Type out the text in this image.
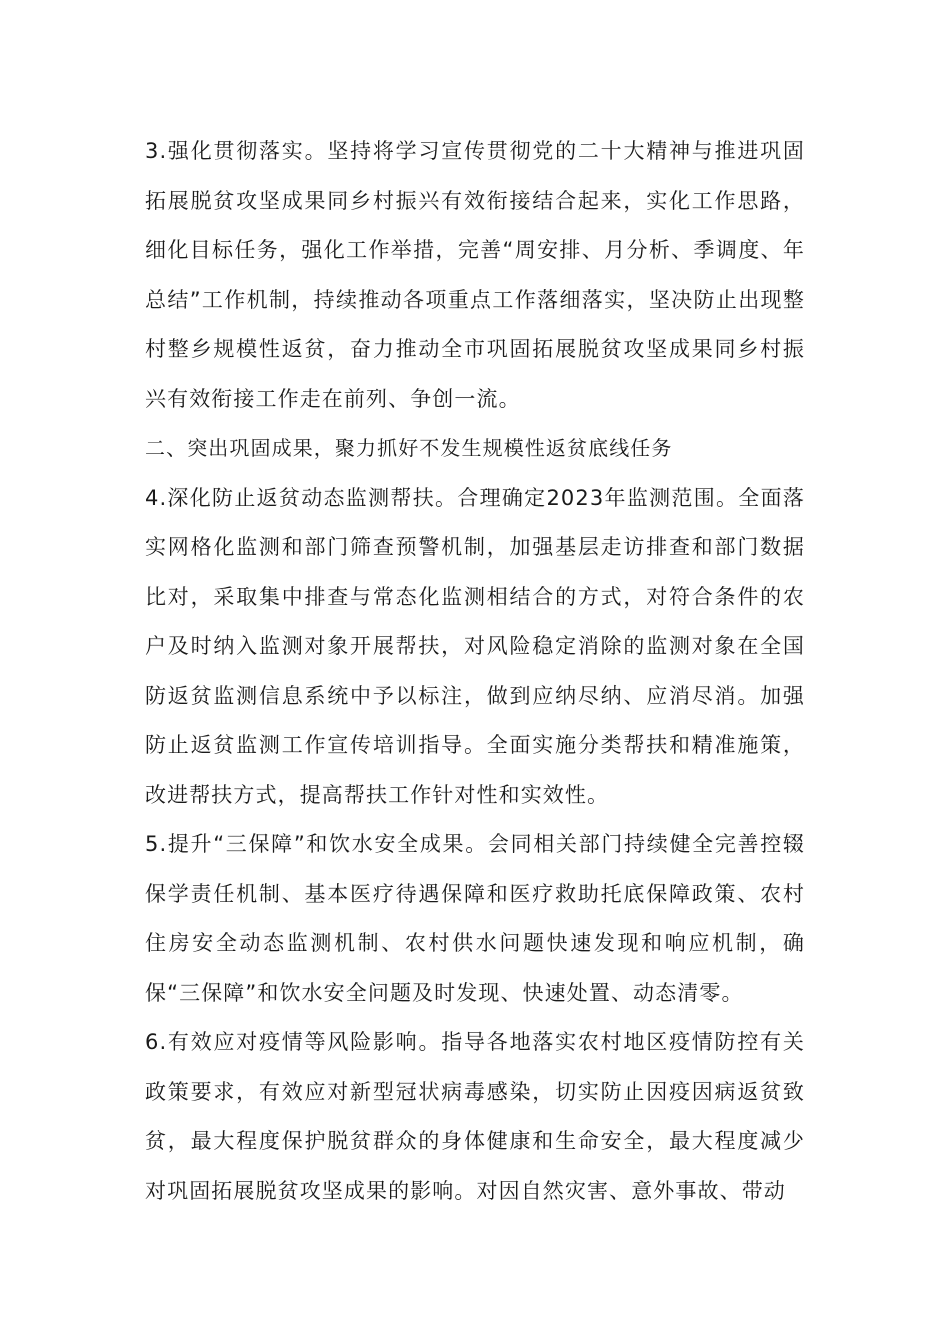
3.强化贯彻落实。坚持将学习宣传贯彻党的二十大精神与推进巩固拓展脱贫攻坚成果同乡村振兴有效衔接结合起来，实化工作思路，细化目标任务，强化工作举措，完善“周安排、月分析、季调度、年总结”工作机制，持续推动各项重点工作落细落实，坚决防止出现整村整乡规模性返贫，奋力推动全市巩固拓展脱贫攻坚成果同乡村振兴有效衔接工作走在前列、争创一流。

二、突出巩固成果，聚力抓好不发生规模性返贫底线任务

4.深化防止返贫动态监测帮扶。合理确定2023年监测范围。全面落实网格化监测和部门筛查预警机制，加强基层走访排查和部门数据比对，采取集中排查与常态化监测相结合的方式，对符合条件的农户及时纳入监测对象开展帮扶，对风险稳定消除的监测对象在全国防返贫监测信息系统中予以标注，做到应纳尽纳、应消尽消。加强防止返贫监测工作宣传培训指导。全面实施分类帮扶和精准施策，改进帮扶方式，提高帮扶工作针对性和实效性。

5.提升“三保障”和饮水安全成果。会同相关部门持续健全完善控辍保学责任机制、基本医疗待遇保障和医疗救助托底保障政策、农村住房安全动态监测机制、农村供水问题快速发现和响应机制，确保“三保障”和饮水安全问题及时发现、快速处置、动态清零。

6.有效应对疫情等风险影响。指导各地落实农村地区疫情防控有关政策要求，有效应对新型冠状病毒感染，切实防止因疫因病返贫致贫，最大程度保护脱贫群众的身体健康和生命安全，最大程度减少对巩固拓展脱贫攻坚成果的影响。对因自然灾害、意外事故、带动
